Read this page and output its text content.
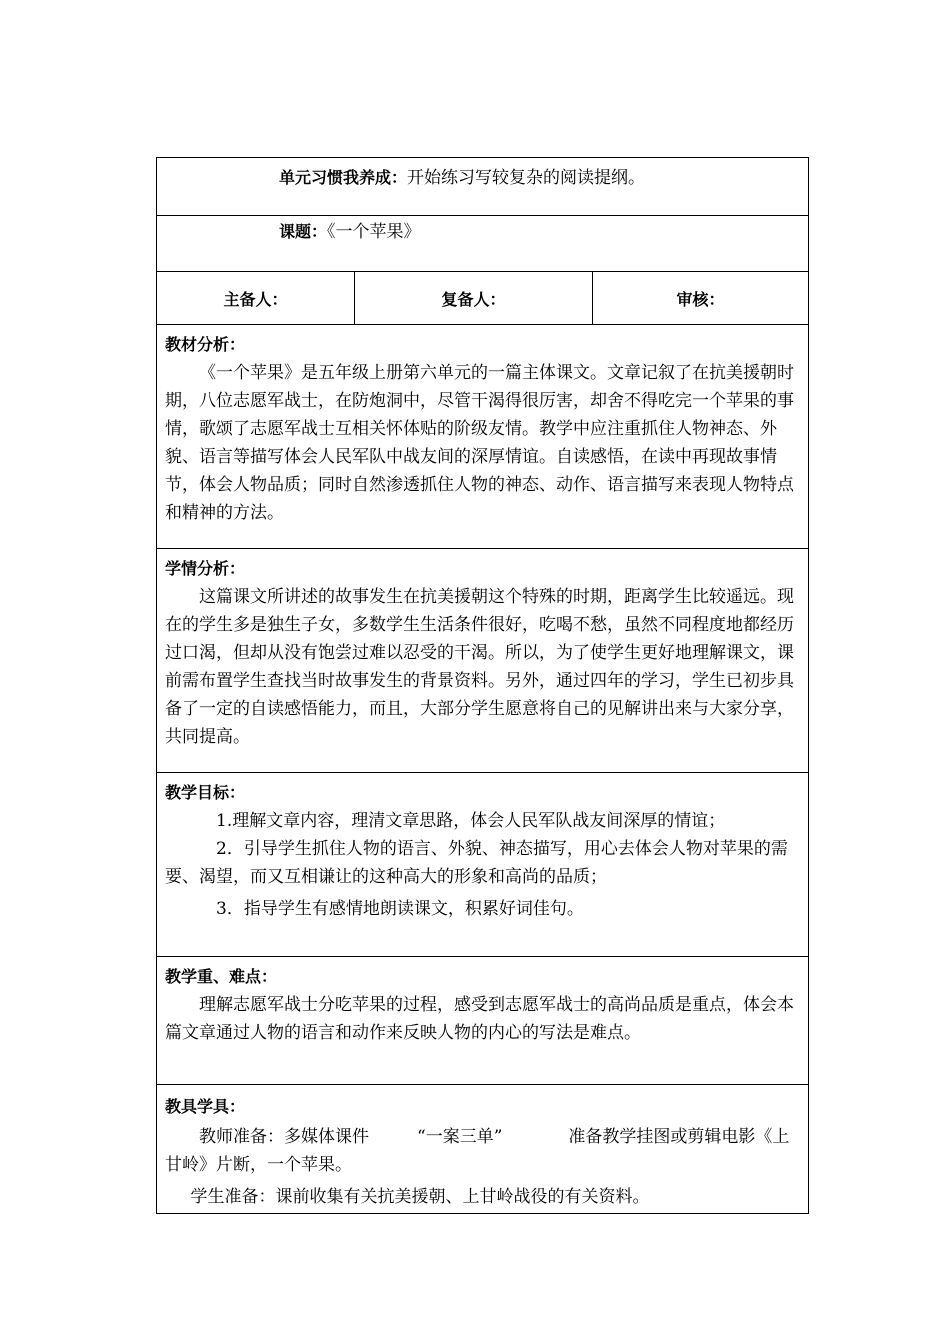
单元习惯我养成：开始练习写较复杂的阅读提纲。

课题：《一个苹果》

主备人：	复备人：	审核：

教材分析：

《一个苹果》是五年级上册第六单元的一篇主体课文。文章记叙了在抗美援朝时期，八位志愿军战士，在防炮洞中，尽管干渴得很厉害，却舍不得吃完一个苹果的事情，歌颂了志愿军战士互相关怀体贴的阶级友情。教学中应注重抓住人物神态、外貌、语言等描写体会人民军队中战友间的深厚情谊。自读感悟，在读中再现故事情节，体会人物品质；同时自然渗透抓住人物的神态、动作、语言描写来表现人物特点和精神的方法。

学情分析：

这篇课文所讲述的故事发生在抗美援朝这个特殊的时期，距离学生比较遥远。现在的学生多是独生子女，多数学生生活条件很好，吃喝不愁，虽然不同程度地都经历过口渴，但却从没有饱尝过难以忍受的干渴。所以，为了使学生更好地理解课文，课前需布置学生查找当时故事发生的背景资料。另外，通过四年的学习，学生已初步具备了一定的自读感悟能力，而且，大部分学生愿意将自己的见解讲出来与大家分享，共同提高。

教学目标：

1.理解文章内容，理清文章思路，体会人民军队战友间深厚的情谊；

2．引导学生抓住人物的语言、外貌、神态描写，用心去体会人物对苹果的需要、渴望，而又互相谦让的这种高大的形象和高尚的品质；

3．指导学生有感情地朗读课文，积累好词佳句。

教学重、难点：

理解志愿军战士分吃苹果的过程，感受到志愿军战士的高尚品质是重点，体会本篇文章通过人物的语言和动作来反映人物的内心的写法是难点。

教具学具：

教师准备：多媒体课件	“一案三单”	准备教学挂图或剪辑电影《上甘岭》片断，一个苹果。

学生准备：课前收集有关抗美援朝、上甘岭战役的有关资料。
